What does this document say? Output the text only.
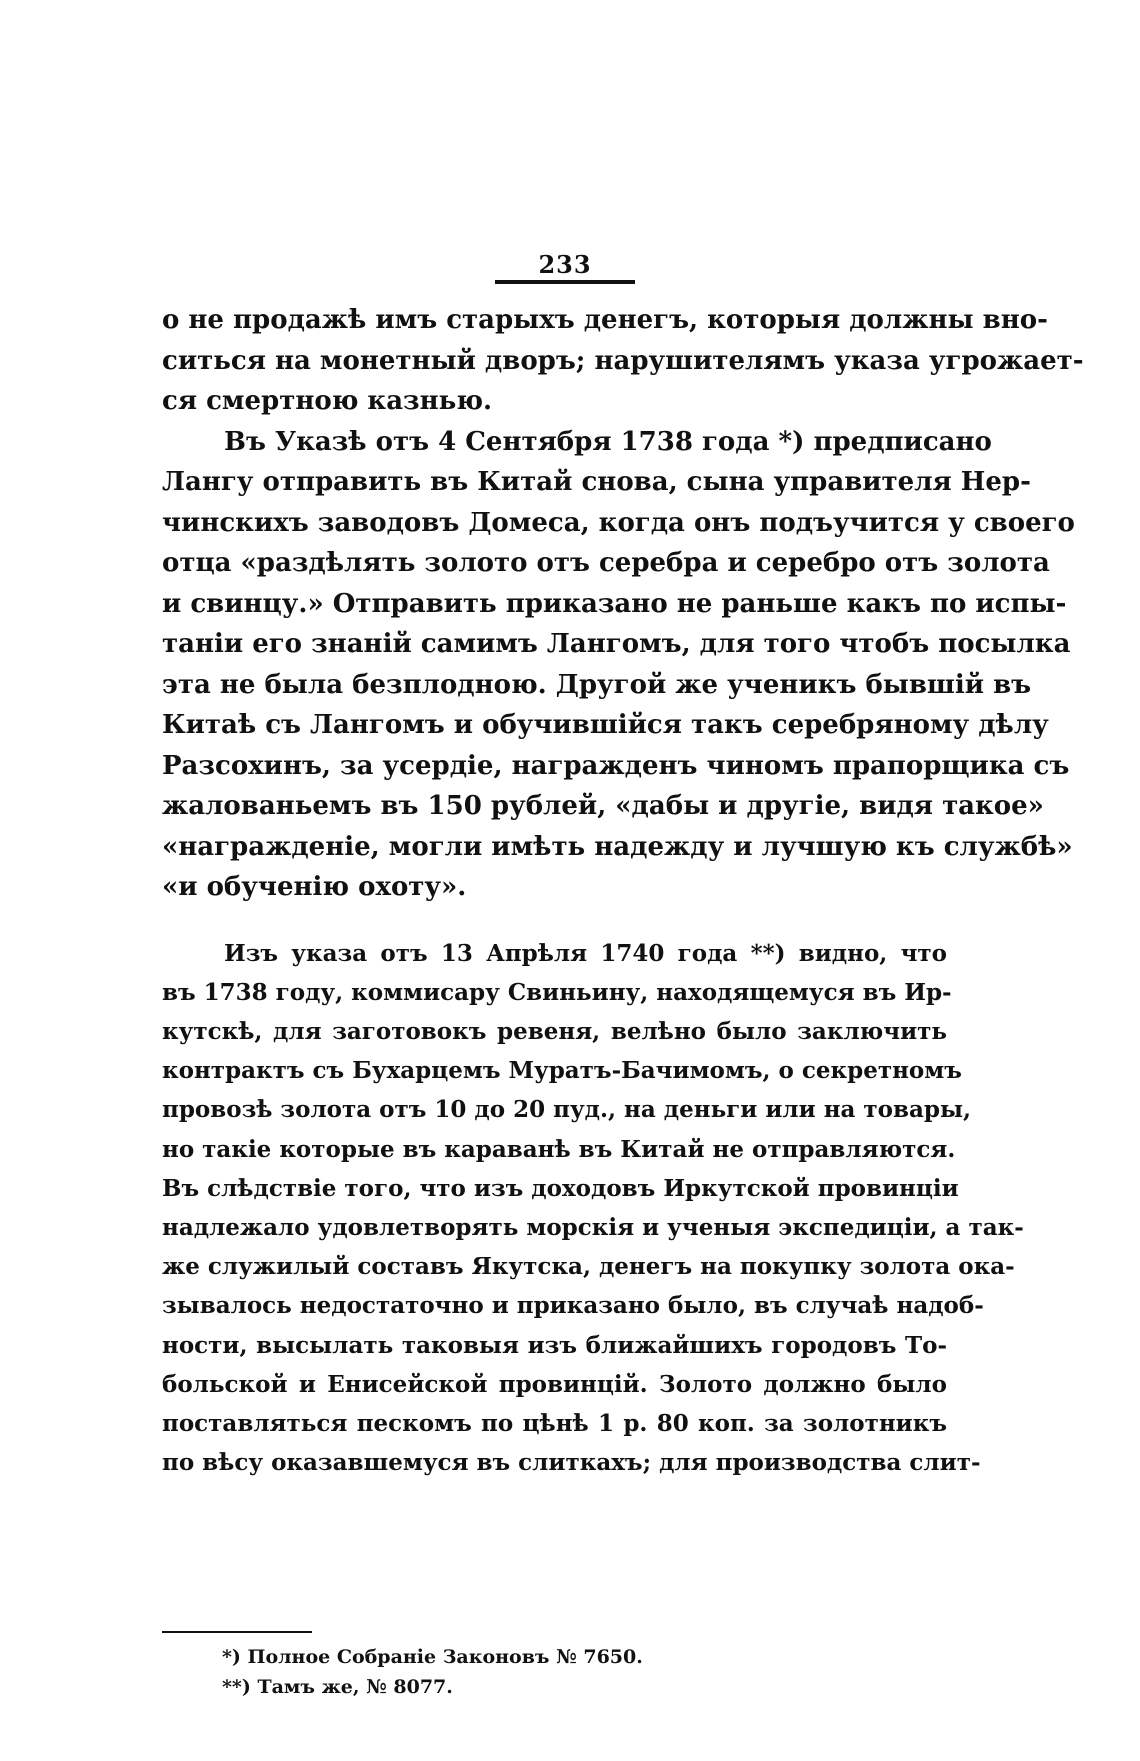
233
о не продажѣ имъ старыхъ денегъ, которыя должны вно-
ситься на монетный дворъ; нарушителямъ указа угрожает-
ся смертною казнью.
Въ Указѣ отъ 4 Сентября 1738 года *) предписано
Лангу отправить въ Китай снова, сына управителя Нер-
чинскихъ заводовъ Домеса, когда онъ подъучится у своего
отца «раздѣлять золото отъ серебра и серебро отъ золота
и свинцу.» Отправить приказано не раньше какъ по испы-
таніи его знаній самимъ Лангомъ, для того чтобъ посылка
эта не была безплодною. Другой же ученикъ бывшій въ
Китаѣ съ Лангомъ и обучившійся такъ серебряному дѣлу
Разсохинъ, за усердіе, награжденъ чиномъ прапорщика съ
жалованьемъ въ 150 рублей, «дабы и другіе, видя такое»
«награжденіе, могли имѣть надежду и лучшую къ службѣ»
«и обученію охоту».
Изъ указа отъ 13 Апрѣля 1740 года **) видно, что
въ 1738 году, коммисару Свиньину, находящемуся въ Ир-
кутскѣ, для заготовокъ ревеня, велѣно было заключить
контрактъ съ Бухарцемъ Муратъ-Бачимомъ, о секретномъ
провозѣ золота отъ 10 до 20 пуд., на деньги или на товары,
но такіе которые въ караванѣ въ Китай не отправляются.
Въ слѣдствіе того, что изъ доходовъ Иркутской провинціи
надлежало удовлетворять морскія и ученыя экспедиціи, а так-
же служилый составъ Якутска, денегъ на покупку золота ока-
зывалось недостаточно и приказано было, въ случаѣ надоб-
ности, высылать таковыя изъ ближайшихъ городовъ То-
больской и Енисейской провинцій. Золото должно было
поставляться пескомъ по цѣнѣ 1 р. 80 коп. за золотникъ
по вѣсу оказавшемуся въ слиткахъ; для производства слит-
*) Полное Собраніе Законовъ № 7650.
**) Тамъ же, № 8077.
